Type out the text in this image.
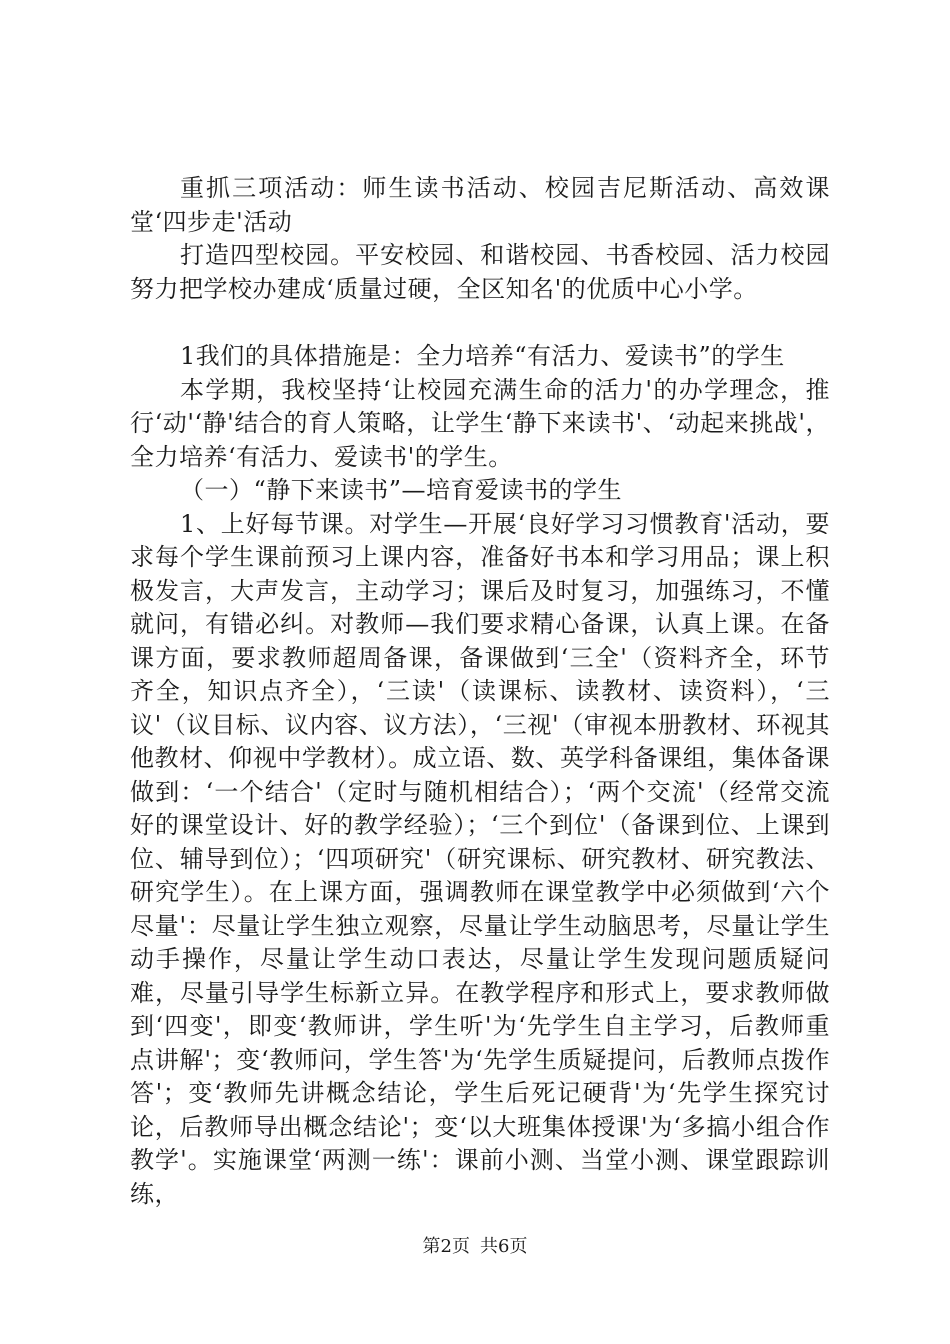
重抓三项活动：师生读书活动、校园吉尼斯活动、高效课堂‘四步走'活动

打造四型校园。平安校园、和谐校园、书香校园、活力校园努力把学校办建成‘质量过硬，全区知名'的优质中心小学。

1我们的具体措施是：全力培养“有活力、爱读书”的学生

本学期，我校坚持‘让校园充满生命的活力'的办学理念，推行‘动'‘静'结合的育人策略，让学生‘静下来读书'、‘动起来挑战'，全力培养‘有活力、爱读书'的学生。

（一）“静下来读书”—培育爱读书的学生

1、上好每节课。对学生—开展‘良好学习习惯教育'活动，要求每个学生课前预习上课内容，准备好书本和学习用品；课上积极发言，大声发言，主动学习；课后及时复习，加强练习，不懂就问，有错必纠。对教师—我们要求精心备课，认真上课。在备课方面，要求教师超周备课，备课做到‘三全'（资料齐全，环节齐全，知识点齐全），‘三读'（读课标、读教材、读资料），‘三议'（议目标、议内容、议方法），‘三视'（审视本册教材、环视其他教材、仰视中学教材）。成立语、数、英学科备课组，集体备课做到：‘一个结合'（定时与随机相结合）；‘两个交流'（经常交流好的课堂设计、好的教学经验）；‘三个到位'（备课到位、上课到位、辅导到位）；‘四项研究'（研究课标、研究教材、研究教法、研究学生）。在上课方面，强调教师在课堂教学中必须做到‘六个尽量'：尽量让学生独立观察，尽量让学生动脑思考，尽量让学生动手操作，尽量让学生动口表达，尽量让学生发现问题质疑问难，尽量引导学生标新立异。在教学程序和形式上，要求教师做到‘四变'，即变‘教师讲，学生听'为‘先学生自主学习，后教师重点讲解'；变‘教师问，学生答'为‘先学生质疑提问，后教师点拨作答'；变‘教师先讲概念结论，学生后死记硬背'为‘先学生探究讨论，后教师导出概念结论'；变‘以大班集体授课'为‘多搞小组合作教学'。实施课堂‘两测一练'：课前小测、当堂小测、课堂跟踪训练，

第2页 共6页
